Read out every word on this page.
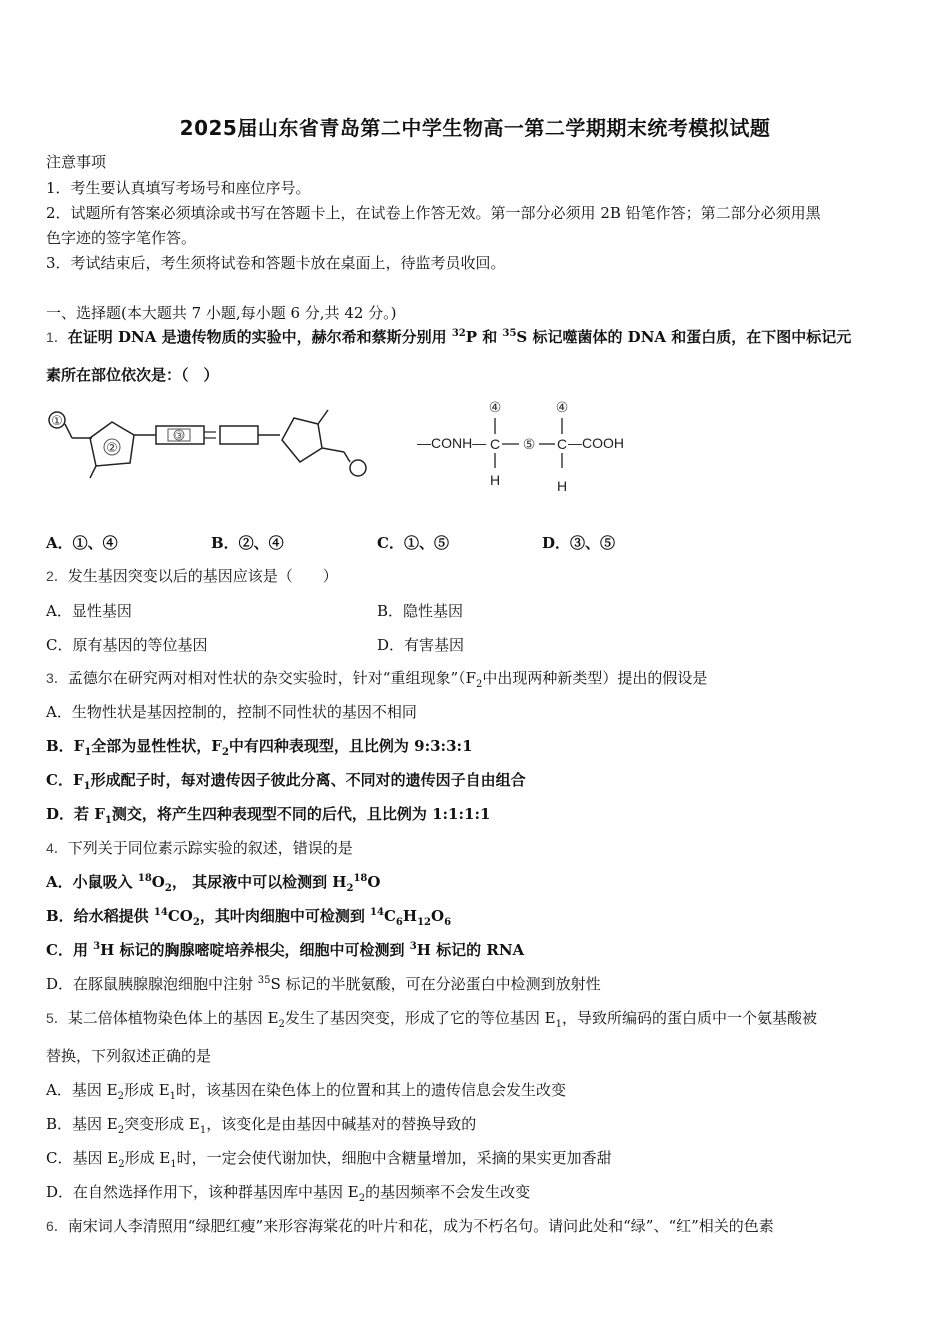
2025届山东省青岛第二中学生物高一第二学期期末统考模拟试题
注意事项
1．考生要认真填写考场号和座位序号。
2．试题所有答案必须填涂或书写在答题卡上，在试卷上作答无效。第一部分必须用 2B 铅笔作答；第二部分必须用黑
色字迹的签字笔作答。
3．考试结束后，考生须将试卷和答题卡放在桌面上，待监考员收回。
一、选择题(本大题共 7 小题,每小题 6 分,共 42 分。)
1．在证明 DNA 是遗传物质的实验中，赫尔希和蔡斯分别用 $^{32}$P 和 $^{35}$S 标记噬菌体的 DNA 和蛋白质，在下图中标记元
素所在部位依次是：（　）
①
②
③	—CONH—
④
C
H
⑤
④
C
H
—COOH
A．①、④	B．②、④	C．①、⑤	D．③、⑤
2．发生基因突变以后的基因应该是（　　）
A．显性基因	B．隐性基因
C．原有基因的等位基因	D．有害基因
3．孟德尔在研究两对相对性状的杂交实验时，针对“重组现象$”(F_2$中出现两种新类型）提出的假设是
A．生物性状是基因控制的，控制不同性状的基因不相同
B．$F_1$全部为显性性状，$F_2$中有四种表现型，且比例为 9:3:3:1
C．$F_1$形成配子时，每对遗传因子彼此分离、不同对的遗传因子自由组合
D．若 $F_1$测交，将产生四种表现型不同的后代，且比例为 1:1:1:1
4．下列关于同位素示踪实验的叙述，错误的是
A．小鼠吸入 $^{18}O_2$， 其尿液中可以检测到 $H_2^{18}O$
B．给水稻提供 $^{14}CO_2$，其叶肉细胞中可检测到 $^{14}C_6H_{12}O_6$
C．用 $^3$H 标记的胸腺嘧啶培养根尖，细胞中可检测到 $^3$H 标记的 RNA
D．在豚鼠胰腺腺泡细胞中注射 $^{35}$S 标记的半胱氨酸，可在分泌蛋白中检测到放射性
5．某二倍体植物染色体上的基因 $E_2$发生了基因突变，形成了它的等位基因 $E_1$，导致所编码的蛋白质中一个氨基酸被
替换，下列叙述正确的是
A．基因 $E_2$形成 $E_1$时，该基因在染色体上的位置和其上的遗传信息会发生改变
B．基因 $E_2$突变形成 $E_1$，该变化是由基因中碱基对的替换导致的
C．基因 $E_2$形成 $E_1$时，一定会使代谢加快，细胞中含糖量增加，采摘的果实更加香甜
D．在自然选择作用下，该种群基因库中基因 $E_2$的基因频率不会发生改变
6．南宋词人李清照用“绿肥红瘦”来形容海棠花的叶片和花，成为不朽名句。请问此处和“绿”、“红”相关的色素
